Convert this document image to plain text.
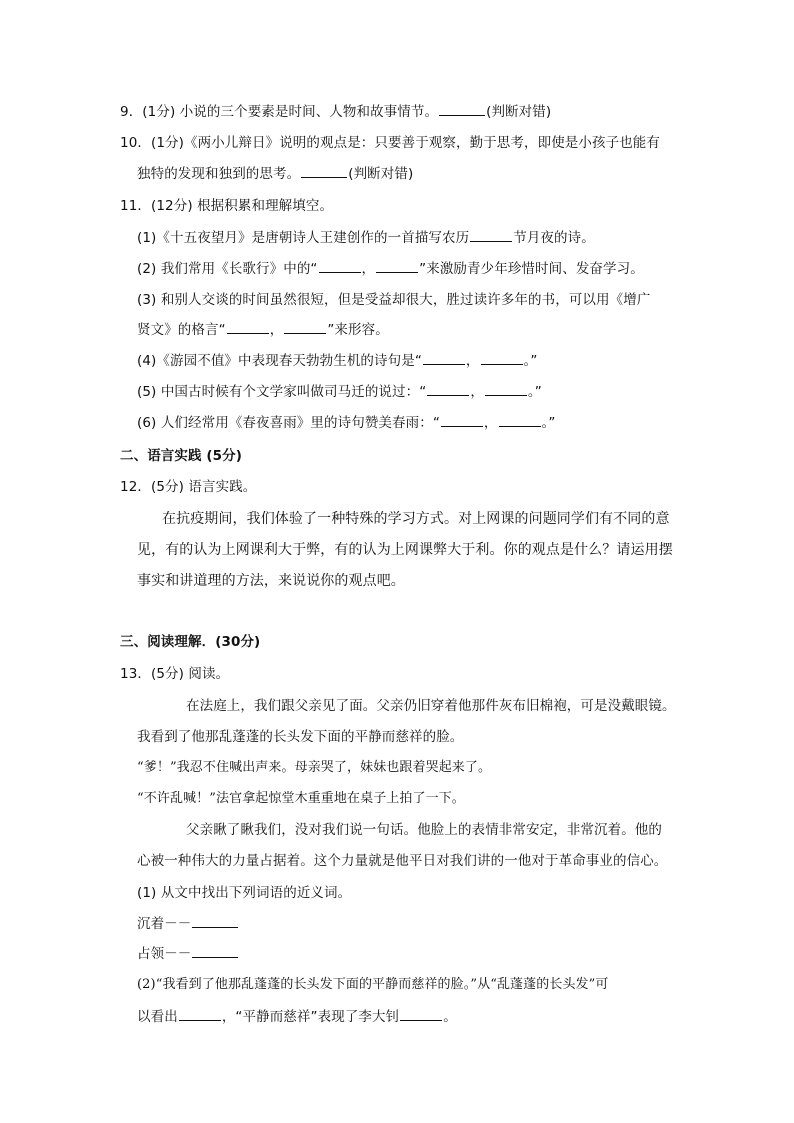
9．(1分) 小说的三个要素是时间、人物和故事情节。	(判断对错)
10．(1分)《两小儿辩日》说明的观点是：只要善于观察，勤于思考，即使是小孩子也能有
独特的发现和独到的思考。	(判断对错)
11．(12分) 根据积累和理解填空。
(1)《十五夜望月》是唐朝诗人王建创作的一首描写农历	节月夜的诗。
(2) 我们常用《长歌行》中的“	，	”来激励青少年珍惜时间、发奋学习。
(3) 和别人交谈的时间虽然很短，但是受益却很大，胜过读许多年的书，可以用《增广
贤文》的格言“	，	”来形容。
(4)《游园不值》中表现春天勃勃生机的诗句是“	，	。”
(5) 中国古时候有个文学家叫做司马迁的说过：“	，	。”
(6) 人们经常用《春夜喜雨》里的诗句赞美春雨：“	，	。”
二、语言实践 (5分)
12．(5分) 语言实践。
在抗疫期间，我们体验了一种特殊的学习方式。对上网课的问题同学们有不同的意
见，有的认为上网课利大于弊，有的认为上网课弊大于利。你的观点是什么？请运用摆
事实和讲道理的方法，来说说你的观点吧。
三、阅读理解．(30分)
13．(5分) 阅读。
在法庭上，我们跟父亲见了面。父亲仍旧穿着他那件灰布旧棉袍，可是没戴眼镜。
我看到了他那乱蓬蓬的长头发下面的平静而慈祥的脸。
“爹！”我忍不住喊出声来。母亲哭了，妹妹也跟着哭起来了。
“不许乱喊！”法官拿起惊堂木重重地在桌子上拍了一下。
父亲瞅了瞅我们，没对我们说一句话。他脸上的表情非常安定，非常沉着。他的
心被一种伟大的力量占据着。这个力量就是他平日对我们讲的一他对于革命事业的信心。
(1) 从文中找出下列词语的近义词。
沉着－－
占领－－
(2)“我看到了他那乱蓬蓬的长头发下面的平静而慈祥的脸。”从“乱蓬蓬的长头发”可
以看出	，“平静而慈祥”表现了李大钊	。
